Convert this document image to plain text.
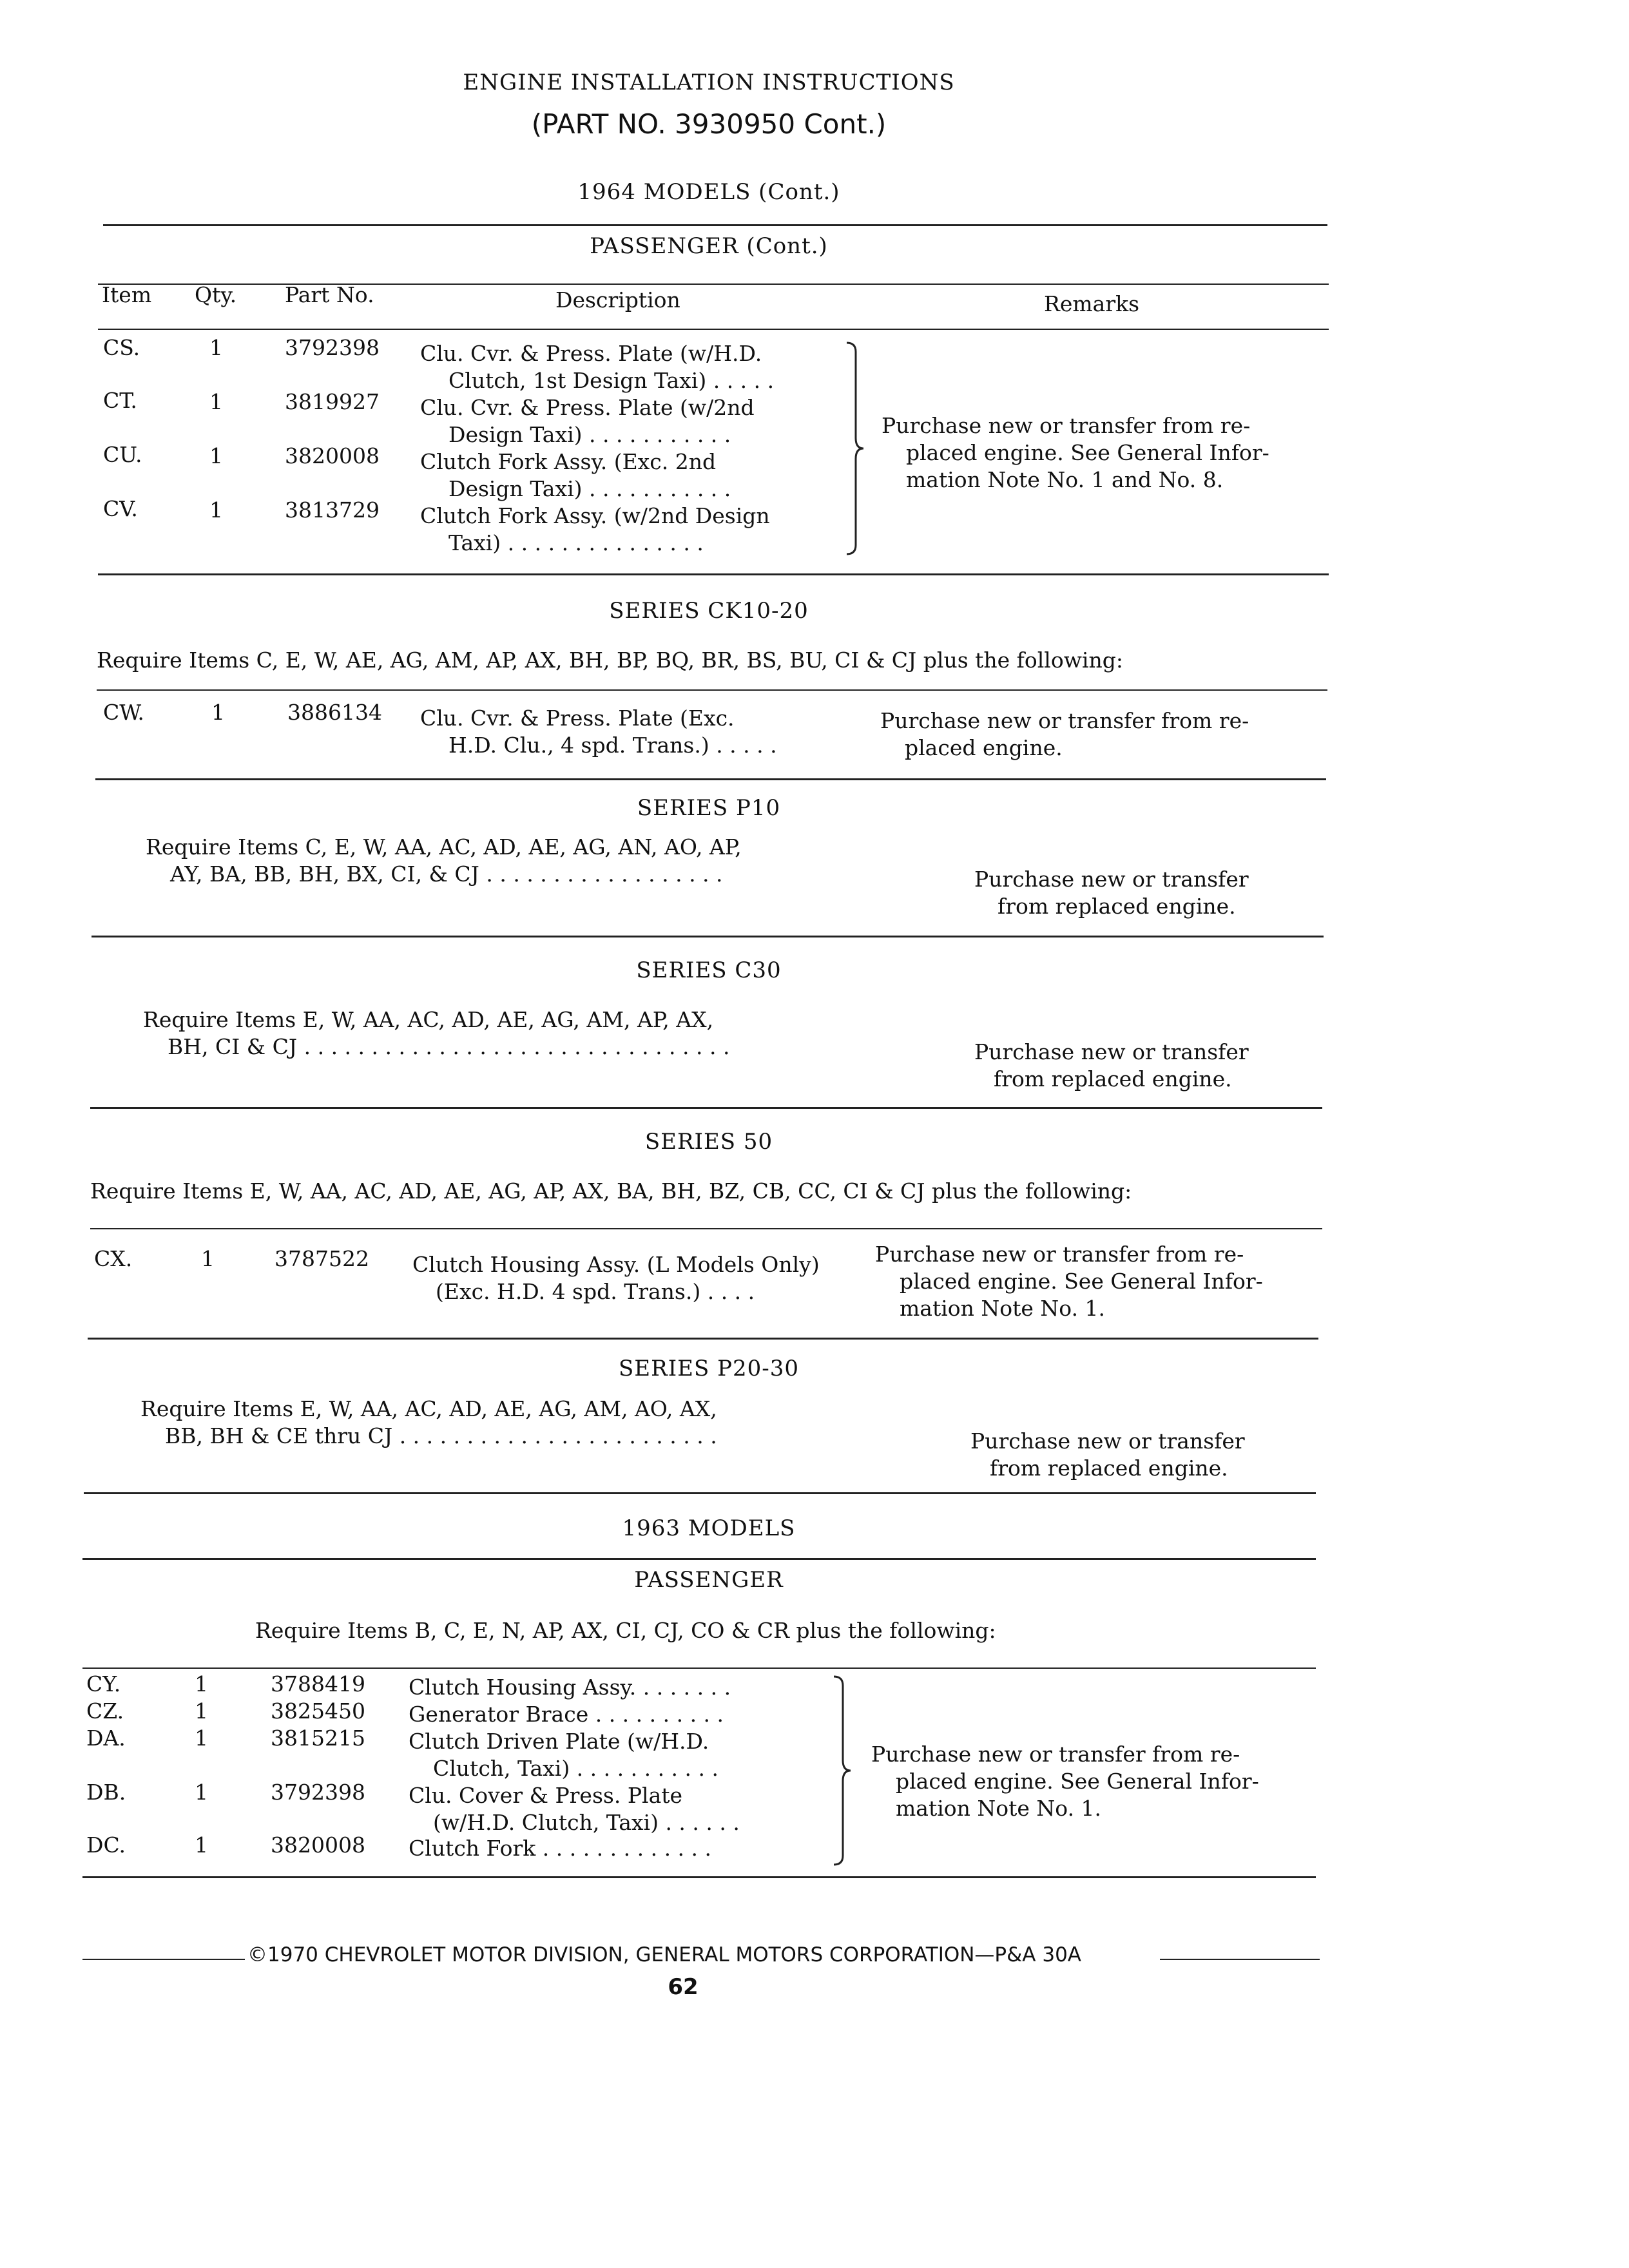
ENGINE INSTALLATION INSTRUCTIONS
(PART NO. 3930950 Cont.)
1964 MODELS (Cont.)
PASSENGER (Cont.)
Item Qty. Part No.	Description	Remarks
CS.	1	3792398 Clu. Cvr. & Press. Plate (w/H.D.
Clutch, 1st Design Taxi) . . . . .
CT.	1	3819927 Clu. Cvr. & Press. Plate (w/2nd
Design Taxi) . . . . . . . . . . .
CU.	1	3820008 Clutch Fork Assy. (Exc. 2nd
Design Taxi) . . . . . . . . . . .
CV.	1	3813729 Clutch Fork Assy. (w/2nd Design
Taxi) . . . . . . . . . . . . . . .
Purchase new or transfer from re-
placed engine. See General Infor-
mation Note No. 1 and No. 8.
SERIES CK10-20
Require Items C, E, W, AE, AG, AM, AP, AX, BH, BP, BQ, BR, BS, BU, CI & CJ plus the following:
CW.	1	3886134 Clu. Cvr. & Press. Plate (Exc.
H.D. Clu., 4 spd. Trans.) . . . . .
Purchase new or transfer from re-
placed engine.
SERIES P10
Require Items C, E, W, AA, AC, AD, AE, AG, AN, AO, AP,
AY, BA, BB, BH, BX, CI, & CJ . . . . . . . . . . . . . . . . . .	Purchase new or transfer
from replaced engine.
SERIES C30
Require Items E, W, AA, AC, AD, AE, AG, AM, AP, AX,
BH, CI & CJ . . . . . . . . . . . . . . . . . . . . . . . . . . . . . . . .	Purchase new or transfer
from replaced engine.
SERIES 50
Require Items E, W, AA, AC, AD, AE, AG, AP, AX, BA, BH, BZ, CB, CC, CI & CJ plus the following:
CX.	1	3787522 Clutch Housing Assy. (L Models Only)
(Exc. H.D. 4 spd. Trans.) . . . .
Purchase new or transfer from re-
placed engine. See General Infor-
mation Note No. 1.
SERIES P20-30
Require Items E, W, AA, AC, AD, AE, AG, AM, AO, AX,
BB, BH & CE thru CJ . . . . . . . . . . . . . . . . . . . . . . . .	Purchase new or transfer
from replaced engine.
1963 MODELS
PASSENGER
Require Items B, C, E, N, AP, AX, CI, CJ, CO & CR plus the following:
CY.	1	3788419 Clutch Housing Assy. . . . . . . .
CZ.	1	3825450 Generator Brace . . . . . . . . . .
DA.	1	3815215 Clutch Driven Plate (w/H.D.
Clutch, Taxi) . . . . . . . . . . .
DB.	1	3792398 Clu. Cover & Press. Plate
(w/H.D. Clutch, Taxi) . . . . . .
DC.	1	3820008 Clutch Fork . . . . . . . . . . . . .
Purchase new or transfer from re-
placed engine. See General Infor-
mation Note No. 1.
©1970 CHEVROLET MOTOR DIVISION, GENERAL MOTORS CORPORATION—P&A 30A
62
